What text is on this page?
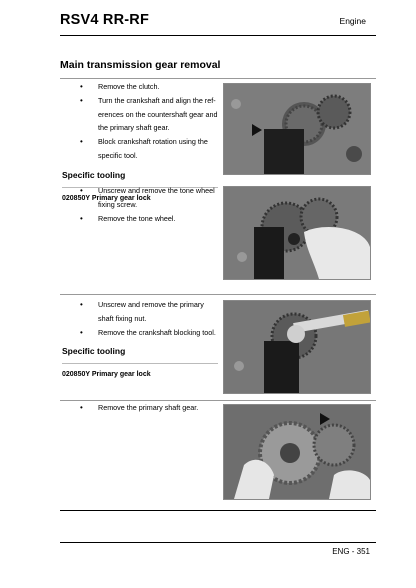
RSV4 RR-RF	Engine
Main transmission gear removal
• Remove the clutch.
• Turn the crankshaft and align the ref-erences on the countershaft gear and the primary shaft gear.
• Block crankshaft rotation using the specific tool.
Specific tooling
020850Y Primary gear lock
• Unscrew and remove the tone wheel fixing screw.
• Remove the tone wheel.
• Unscrew and remove the primary shaft fixing nut.
• Remove the crankshaft blocking tool.
Specific tooling
020850Y Primary gear lock
• Remove the primary shaft gear.
ENG - 351
